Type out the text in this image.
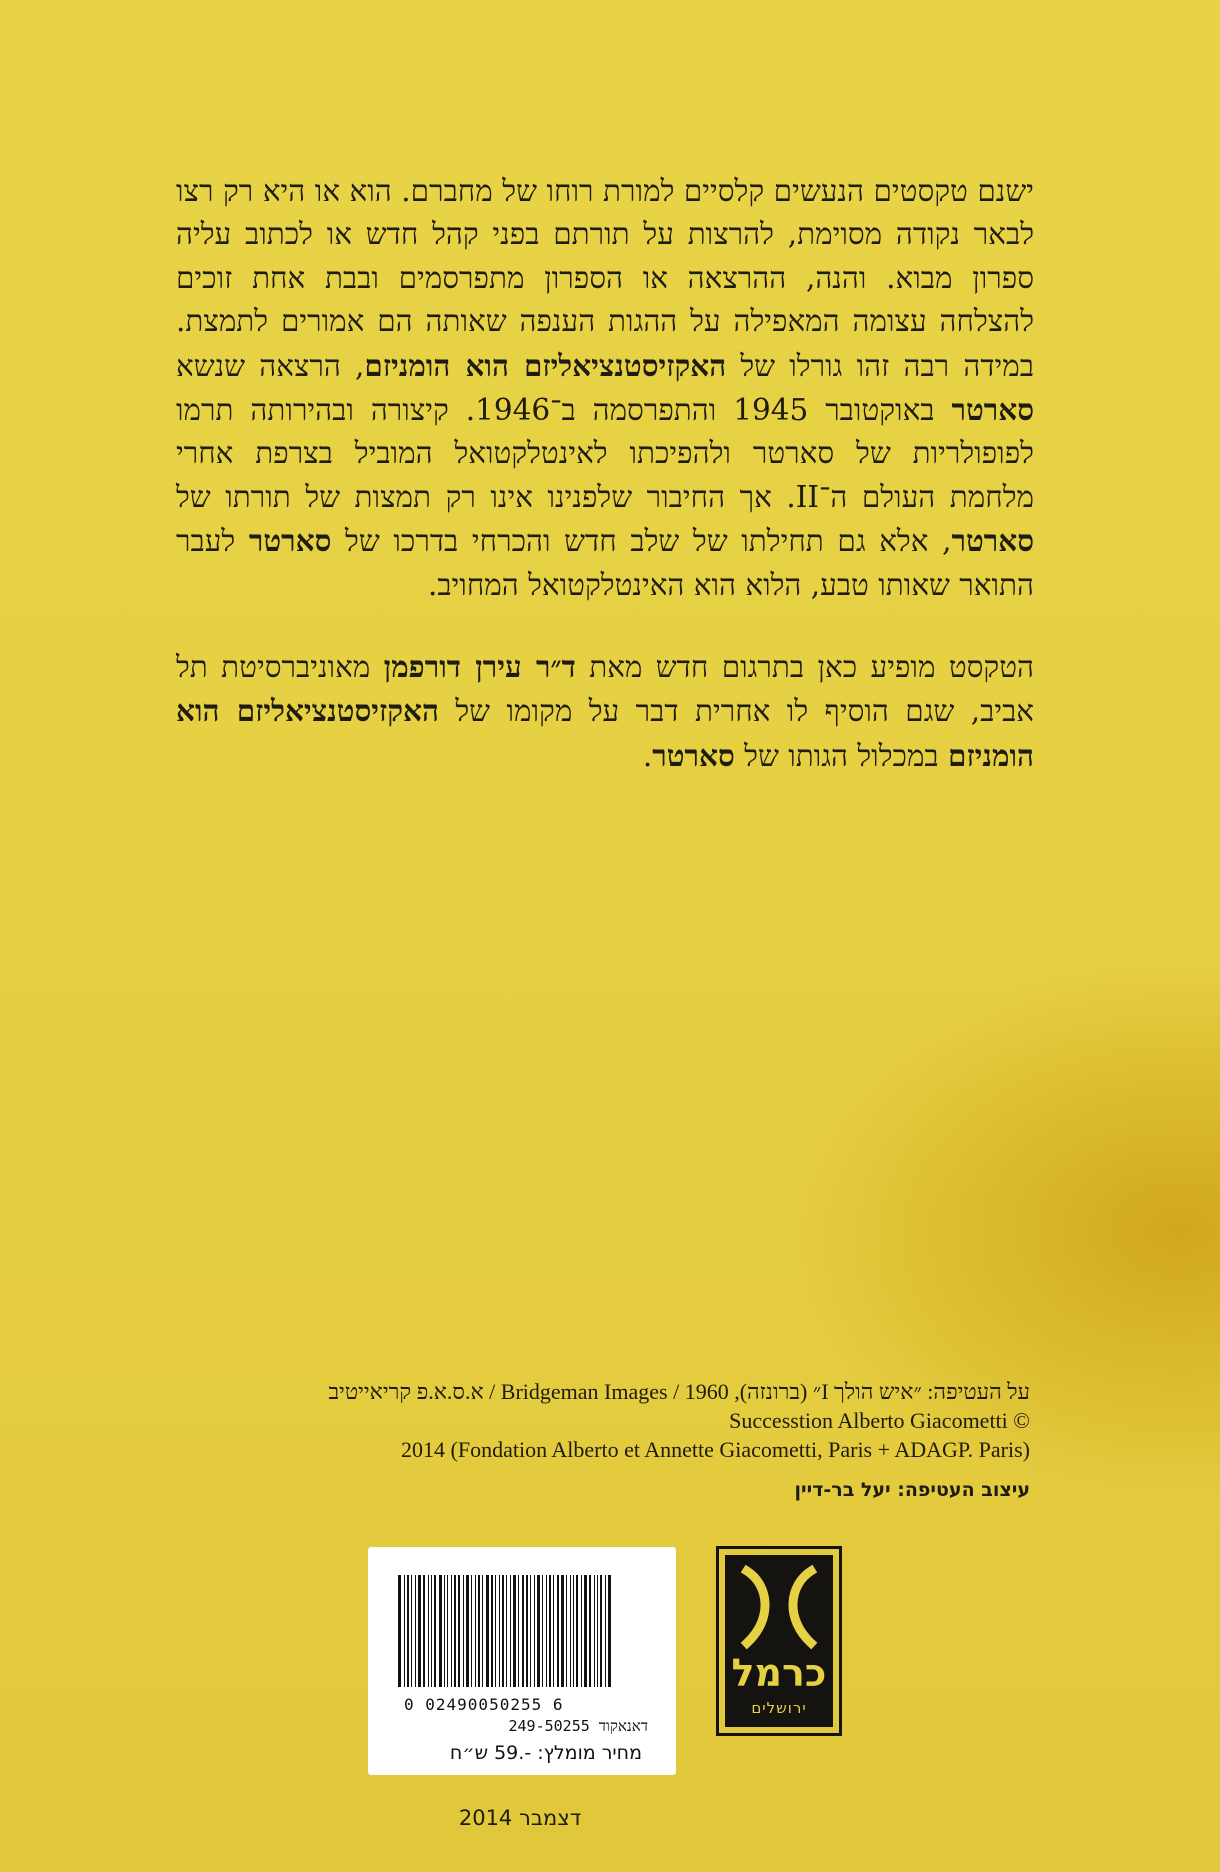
ישנם טקסטים הנעשים קלסיים למורת רוחו של מחברם. הוא או היא רק רצו לבאר נקודה מסוימת, להרצות על תורתם בפני קהל חדש או לכתוב עליה ספרון מבוא. והנה, ההרצאה או הספרון מתפרסמים ובבת אחת זוכים להצלחה עצומה המאפילה על ההגות הענפה שאותה הם אמורים לתמצת. במידה רבה זהו גורלו של האקזיסטנציאליזם הוא הומניזם, הרצאה שנשא סארטר באוקטובר 1945 והתפרסמה ב־1946. קיצורה ובהירותה תרמו לפופולריות של סארטר ולהפיכתו לאינטלקטואל המוביל בצרפת אחרי מלחמת העולם ה־II. אך החיבור שלפנינו אינו רק תמצות של תורתו של סארטר, אלא גם תחילתו של שלב חדש והכרחי בדרכו של סארטר לעבר התואר שאותו טבע, הלוא הוא האינטלקטואל המחויב.

הטקסט מופיע כאן בתרגום חדש מאת ד״ר עירן דורפמן מאוניברסיטת תל אביב, שגם הוסיף לו אחרית דבר על מקומו של האקזיסטנציאליזם הוא הומניזם במכלול הגותו של סארטר.

על העטיפה: ״איש הולך I״ (ברונזה), 1960 / Bridgeman Images / א.ס.א.פ קריאייטיב
© Successtion Alberto Giacometti
(Fondation Alberto et Annette Giacometti, Paris + ADAGP. Paris) 2014
עיצוב העטיפה: יעל בר-דיין
0 02490050255 6
דאנאקוד 249-50255
מחיר מומלץ: -.59 ש״ח
כרמל
ירושלים
דצמבר 2014
